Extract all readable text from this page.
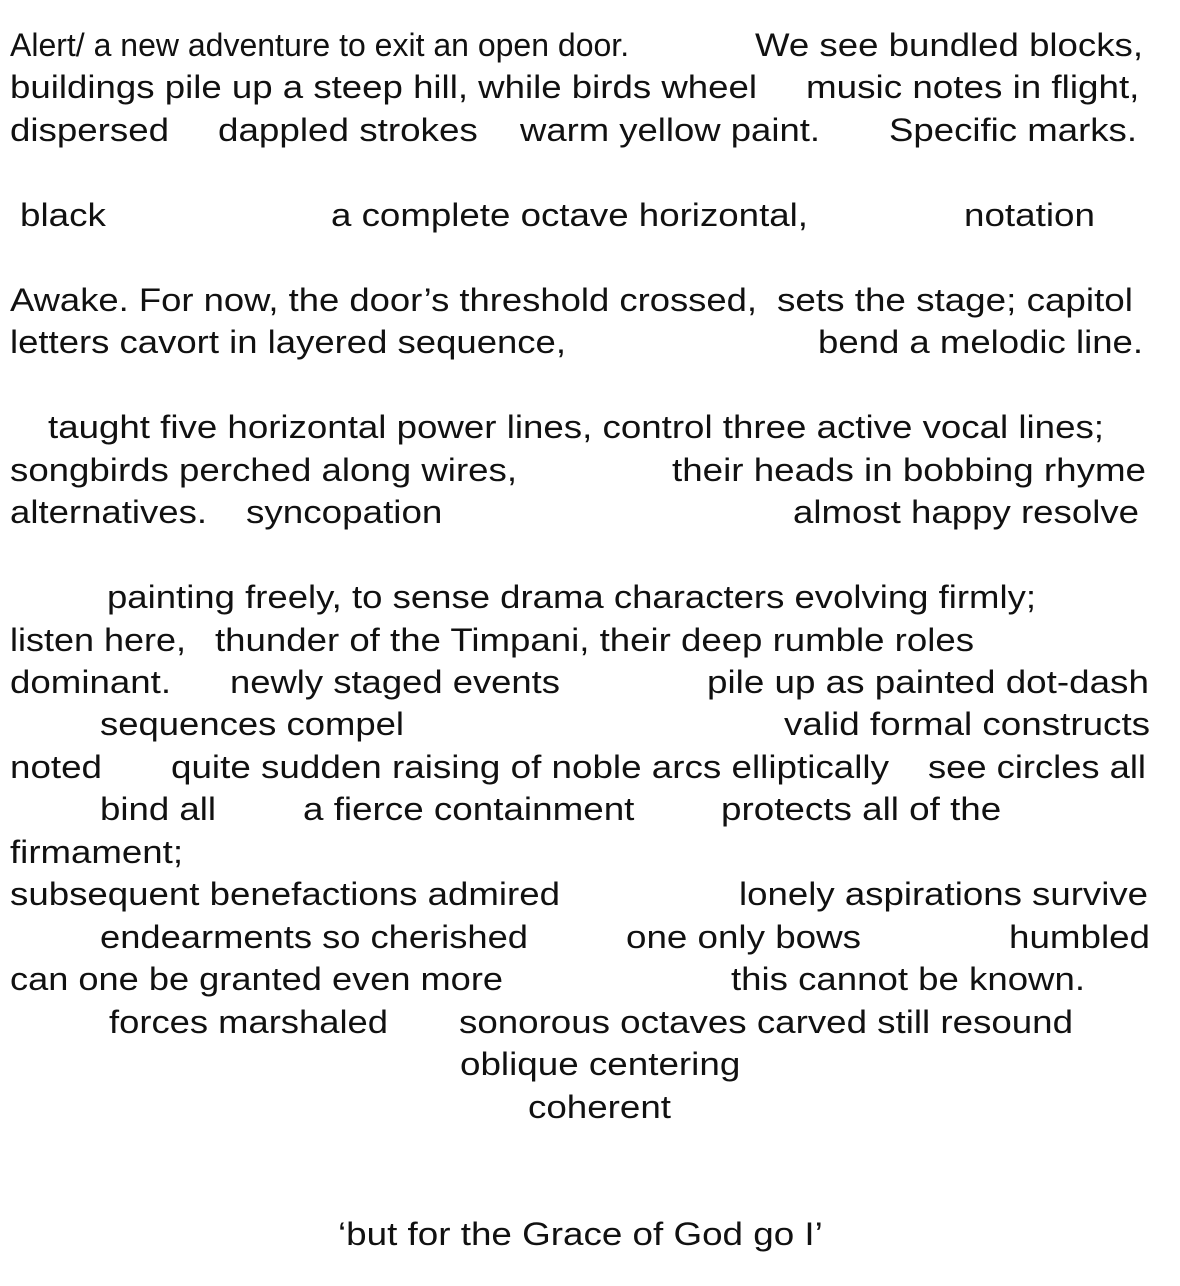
Alert/ a new adventure to exit an open door.	We see bundled blocks,
buildings pile up a steep hill, while birds wheel music notes in flight,
dispersed dappled strokes warm yellow paint. Specific marks.
black	a complete octave horizontal,	notation
Awake. For now, the door’s threshold crossed, sets the stage; capitol
letters cavort in layered sequence,	bend a melodic line.
taught five horizontal power lines, control three active vocal lines;
songbirds perched along wires,	their heads in bobbing rhyme
alternatives. syncopation	almost happy resolve
painting freely, to sense drama characters evolving firmly;
listen here, thunder of the Timpani, their deep rumble roles
dominant. newly staged events	pile up as painted dot-dash
sequences compel	valid formal constructs
noted quite sudden raising of noble arcs elliptically see circles all
bind all	a fierce containment	protects all of the
firmament;
subsequent benefactions admired	lonely aspirations survive
endearments so cherished	one only bows	humbled
can one be granted even more	this cannot be known.
forces marshaled sonorous octaves carved still resound
oblique centering
coherent
‘but for the Grace of God go I’
